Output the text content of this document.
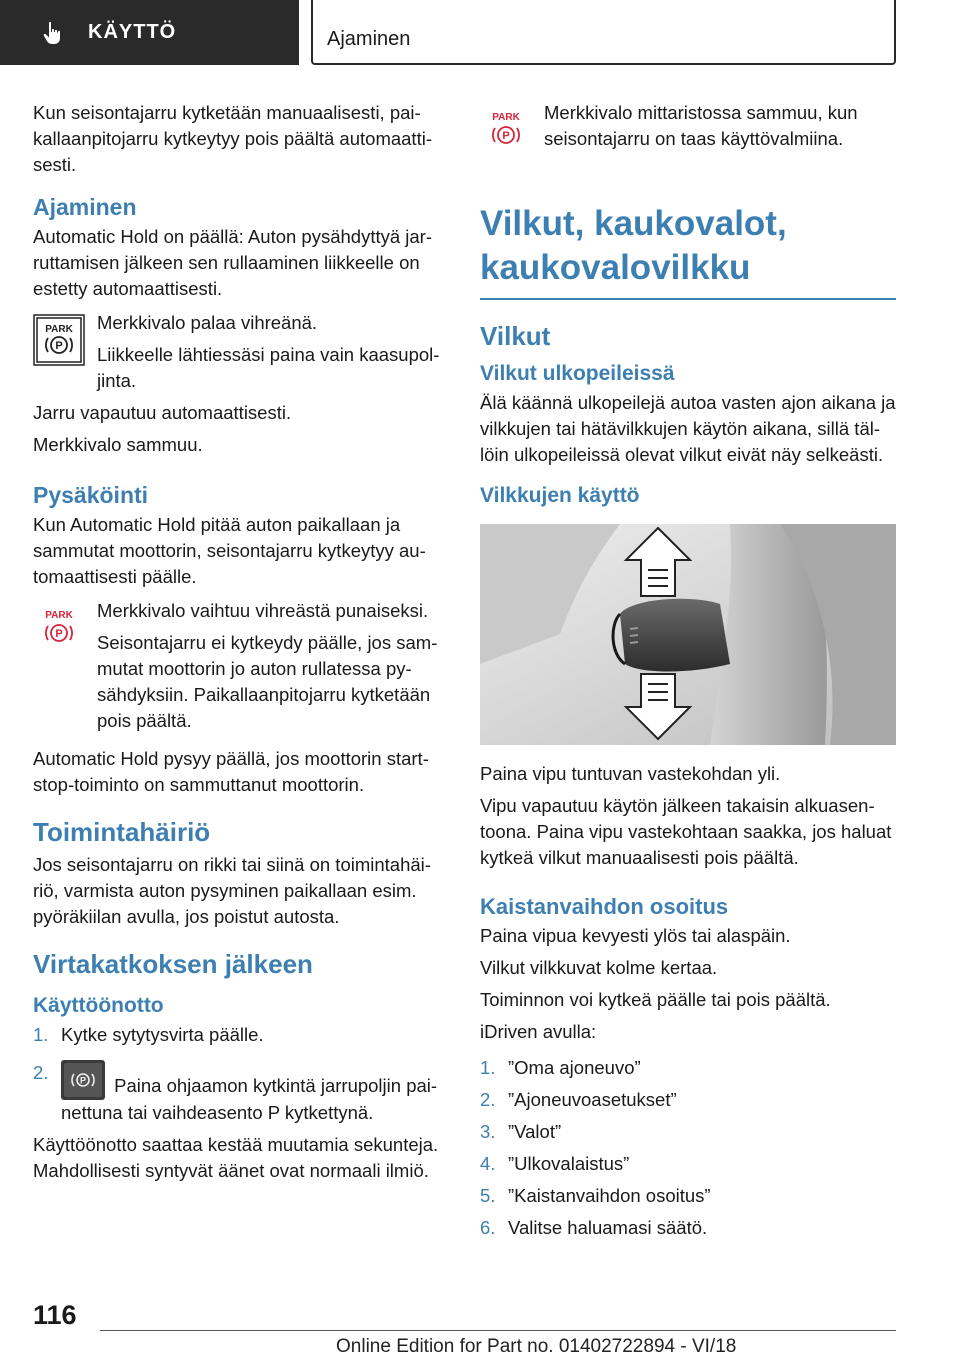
KÄYTTÖ	Ajaminen

Kun seisontajarru kytketään manuaalisesti, paikallaanpitojarru kytkeytyy pois päältä automaattisesti.

Ajaminen

Automatic Hold on päällä: Auton pysähdyttyä jarruttamisen jälkeen sen rullaaminen liikkeelle on estetty automaattisesti.

PARK
P

Merkkivalo palaa vihreänä.

Liikkeelle lähtiessäsi paina vain kaasupoljinta.

Jarru vapautuu automaattisesti.

Merkkivalo sammuu.

Pysäköinti

Kun Automatic Hold pitää auton paikallaan ja sammutat moottorin, seisontajarru kytkeytyy automaattisesti päälle.

PARK
P

Merkkivalo vaihtuu vihreästä punaiseksi.

Seisontajarru ei kytkeydy päälle, jos sammutat moottorin jo auton rullatessa pysähdyksiin. Paikallaanpitojarru kytketään pois päältä.

Automatic Hold pysyy päällä, jos moottorin start-stop-toiminto on sammuttanut moottorin.

Toimintahäiriö

Jos seisontajarru on rikki tai siinä on toimintahäiriö, varmista auton pysyminen paikallaan esim. pyöräkiilan avulla, jos poistut autosta.

Virtakatkoksen jälkeen
Käyttöönotto
1. Kytke sytytysvirta päälle.
2.	P Paina ohjaamon kytkintä jarrupoljin painettuna tai vaihdeasento P kytkettynä.

Käyttöönotto saattaa kestää muutamia sekunteja. Mahdollisesti syntyvät äänet ovat normaali ilmiö.

PARK
P

Merkkivalo mittaristossa sammuu, kun seisontajarru on taas käyttövalmiina.

Vilkut, kaukovalot, kaukovalovilkku
Vilkut
Vilkut ulkopeileissä

Älä käännä ulkopeilejä autoa vasten ajon aikana ja vilkkujen tai hätävilkkujen käytön aikana, sillä tällöin ulkopeileissä olevat vilkut eivät näy selkeästi.

Vilkkujen käyttö

Paina vipu tuntuvan vastekohdan yli.

Vipu vapautuu käytön jälkeen takaisin alkuasentoona. Paina vipu vastekohtaan saakka, jos haluat kytkeä vilkut manuaalisesti pois päältä.

Kaistanvaihdon osoitus

Paina vipua kevyesti ylös tai alaspäin.

Vilkut vilkkuvat kolme kertaa.

Toiminnon voi kytkeä päälle tai pois päältä.

iDriven avulla:

1. ”Oma ajoneuvo”
2. ”Ajoneuvoasetukset”
3. ”Valot”
4. ”Ulkovalaistus”
5. ”Kaistanvaihdon osoitus”
6. Valitse haluamasi säätö.
116
Online Edition for Part no. 01402722894 - VI/18
